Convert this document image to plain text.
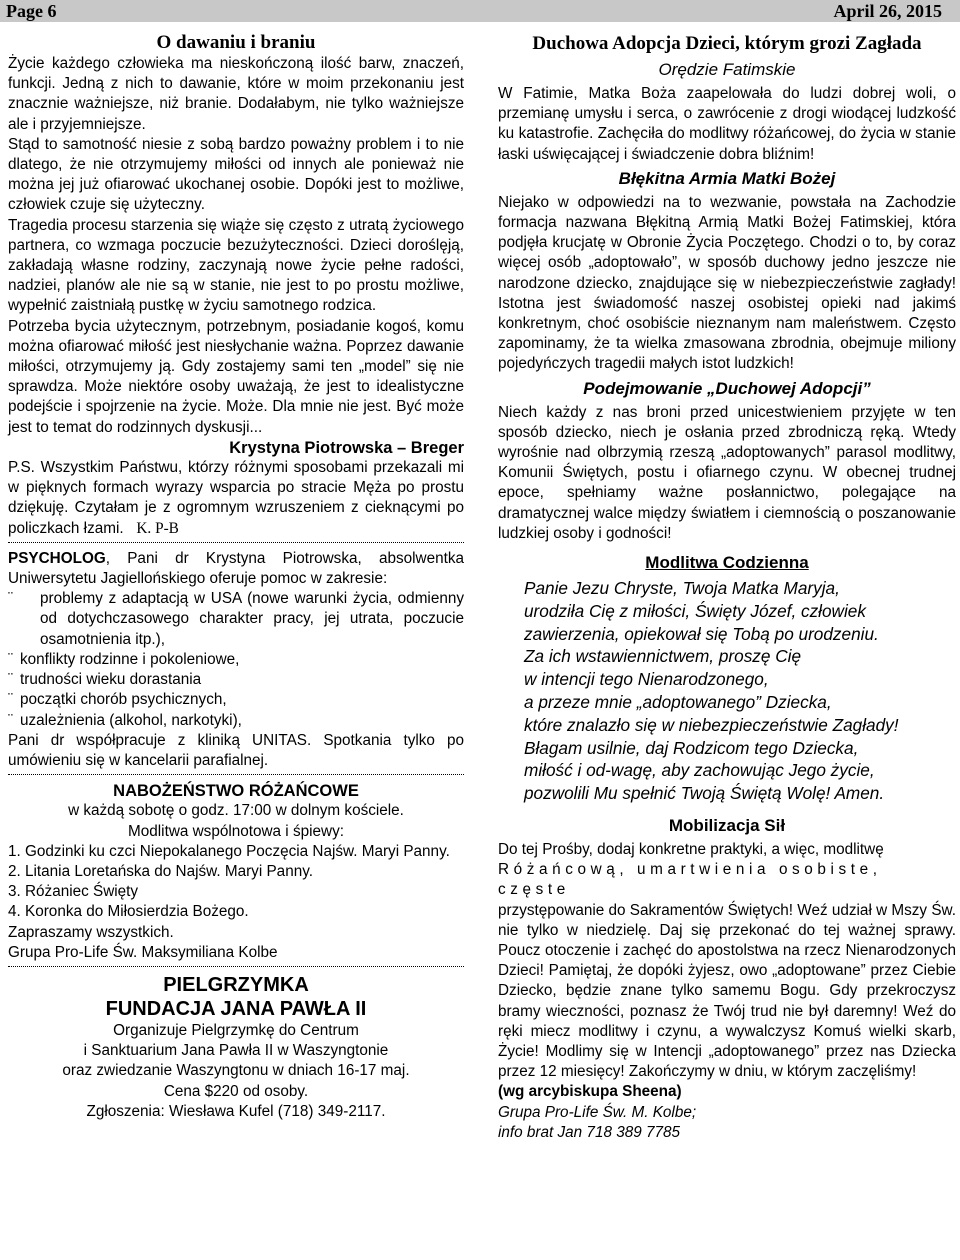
Page 6	April 26, 2015

O dawaniu i braniu

Życie każdego człowieka ma nieskończoną ilość barw, znaczeń, funkcji. Jedną z nich to dawanie, które w moim przekonaniu jest znacznie ważniejsze, niż branie. Dodałabym, nie tylko ważniejsze ale i przyjemniejsze.

Stąd to samotność niesie z sobą bardzo poważny problem i to nie dlatego, że nie otrzymujemy miłości od innych ale ponieważ nie można jej już ofiarować ukochanej osobie. Dopóki jest to możliwe, człowiek czuje się użyteczny.

Tragedia procesu starzenia się wiąże się często z utratą życiowego partnera, co wzmaga poczucie bezużyteczności. Dzieci doroślęją, zakładają własne rodziny, zaczynają nowe życie pełne radości, nadziei, planów ale nie są w stanie, nie jest to po prostu możliwe, wypełnić zaistniałą pustkę w życiu samotnego rodzica.

Potrzeba bycia użytecznym, potrzebnym, posiadanie kogoś, komu można ofiarować miłość jest niesłychanie ważna. Poprzez dawanie miłości, otrzymujemy ją. Gdy zostajemy sami ten „model” się nie sprawdza. Może niektóre osoby uważają, że jest to idealistyczne podejście i spojrzenie na życie. Może. Dla mnie nie jest. Być może jest to temat do rodzinnych dyskusji...

Krystyna Piotrowska – Breger

P.S. Wszystkim Państwu, którzy różnymi sposobami przekazali mi w pięknych formach wyrazy wsparcia po stracie Męża po prostu dziękuję. Czytałam je z ogromnym wzruszeniem z cieknącymi po policzkach łzami. K. P-B

PSYCHOLOG, Pani dr Krystyna Piotrowska, absolwentka Uniwersytetu Jagiellońskiego oferuje pomoc w zakresie:

¨	problemy z adaptacją w USA (nowe warunki życia, odmienny od dotychczasowego charakter pracy, jej utrata, poczucie osamotnienia itp.),
¨ konflikty rodzinne i pokoleniowe,
¨ trudności wieku dorastania
¨ początki chorób psychicznych,
¨ uzależnienia (alkohol, narkotyki),

Pani dr współpracuje z kliniką UNITAS. Spotkania tylko po umówieniu się w kancelarii parafialnej.

NABOŻEŃSTWO RÓŻAŃCOWE

w każdą sobotę o godz. 17:00 w dolnym kościele.

Modlitwa wspólnotowa i śpiewy:

1. Godzinki ku czci Niepokalanego Poczęcia Najśw. Maryi Panny.

2. Litania Loretańska do Najśw. Maryi Panny.

3. Różaniec Święty

4. Koronka do Miłosierdzia Bożego.

Zapraszamy wszystkich.

Grupa Pro-Life Św. Maksymiliana Kolbe

PIELGRZYMKA

FUNDACJA JANA PAWŁA II

Organizuje Pielgrzymkę do Centrum

i Sanktuarium Jana Pawła II w Waszyngtonie

oraz zwiedzanie Waszyngtonu w dniach 16-17 maj.

Cena $220 od osoby.

Zgłoszenia: Wiesława Kufel (718) 349-2117.

Duchowa Adopcja Dzieci, którym grozi Zagłada

Orędzie Fatimskie

W Fatimie, Matka Boża zaapelowała do ludzi dobrej woli, o przemianę umysłu i serca, o zawrócenie z drogi wiodącej ludzkość ku katastrofie. Zachęciła do modlitwy różańcowej, do życia w stanie łaski uświęcającej i świadczenie dobra bliźnim!

Błękitna Armia Matki Bożej

Niejako w odpowiedzi na to wezwanie, powstała na Zachodzie formacja nazwana Błękitną Armią Matki Bożej Fatimskiej, która podjęła krucjatę w Obronie Życia Poczętego. Chodzi o to, by coraz więcej osób „adoptowało”, w sposób duchowy jedno jeszcze nie narodzone dziecko, znajdujące się w niebezpieczeństwie zagłady! Istotna jest świadomość naszej osobistej opieki nad jakimś konkretnym, choć osobiście nieznanym nam maleństwem. Często zapominamy, że ta wielka zmasowana zbrodnia, obejmuje miliony pojedyńczych tragedii małych istot ludzkich!

Podejmowanie „Duchowej Adopcji”

Niech każdy z nas broni przed unicestwieniem przyjęte w ten sposób dziecko, niech je osłania przed zbrodniczą ręką. Wtedy wyrośnie nad olbrzymią rzeszą „adoptowanych” parasol modlitwy, Komunii Świętych, postu i ofiarnego czynu. W obecnej trudnej epoce, spełniamy ważne posłannictwo, polegające na dramatycznej walce między światłem i ciemnością o poszanowanie ludzkiej osoby i godności!

Modlitwa Codzienna

Panie Jezu Chryste, Twoja Matka Maryja,

urodziła Cię z miłości, Święty Józef, człowiek

zawierzenia, opiekował się Tobą po urodzeniu.

Za ich wstawiennictwem, proszę Cię

w intencji tego Nienarodzonego,

a przeze mnie „adoptowanego” Dziecka,

które znalazło się w niebezpieczeństwie Zagłady!

Błagam usilnie, daj Rodzicom tego Dziecka,

miłość i od-wagę, aby zachowując Jego życie,

pozwolili Mu spełnić Twoją Świętą Wolę! Amen.

Mobilizacja Sił

Do tej Prośby, dodaj konkretne praktyki, a więc, modlitwę

Różańcową, umartwienia osobiste, częste

przystępowanie do Sakramentów Świętych! Weź udział w Mszy Św. nie tylko w niedzielę. Daj się przekonać do tej ważnej sprawy. Poucz otoczenie i zachęć do apostolstwa na rzecz Nienarodzonych Dzieci! Pamiętaj, że dopóki żyjesz, owo „adoptowane” przez Ciebie Dziecko, będzie znane tylko samemu Bogu. Gdy przekroczysz bramy wieczności, poznasz że Twój trud nie był daremny! Weź do ręki miecz modlitwy i czynu, a wywalczysz Komuś wielki skarb, Życie! Modlimy się w Intencji „adoptowanego” przez nas Dziecka przez 12 miesięcy! Zakończymy w dniu, w którym zaczęliśmy!

(wg arcybiskupa Sheena)

Grupa Pro-Life Św. M. Kolbe;

info brat Jan 718 389 7785
